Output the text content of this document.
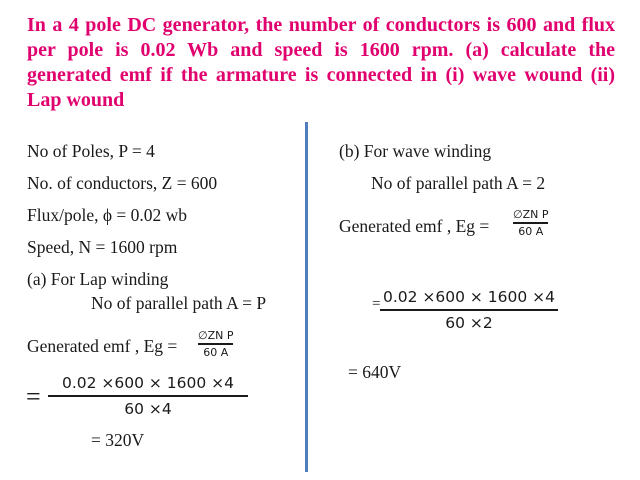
In a 4 pole DC generator, the number of conductors is 600 and flux per pole is 0.02 Wb and speed is 1600 rpm. (a) calculate the generated emf if the armature is connected in (i) wave wound (ii) Lap wound

No of Poles, P = 4
No. of conductors, Z = 600
Flux/pole, ϕ = 0.02 wb
Speed, N = 1600 rpm
(a) For Lap winding
No of parallel path A = P
Generated emf , Eg =
∅ZN P
60 A
=	0.02 ×600 × 1600 ×4
60 ×4
= 320V
(b) For wave winding
No of parallel path A = 2
Generated emf , Eg =
∅ZN P
60 A
= 0.02 ×600 × 1600 ×4
60 ×2
= 640V
